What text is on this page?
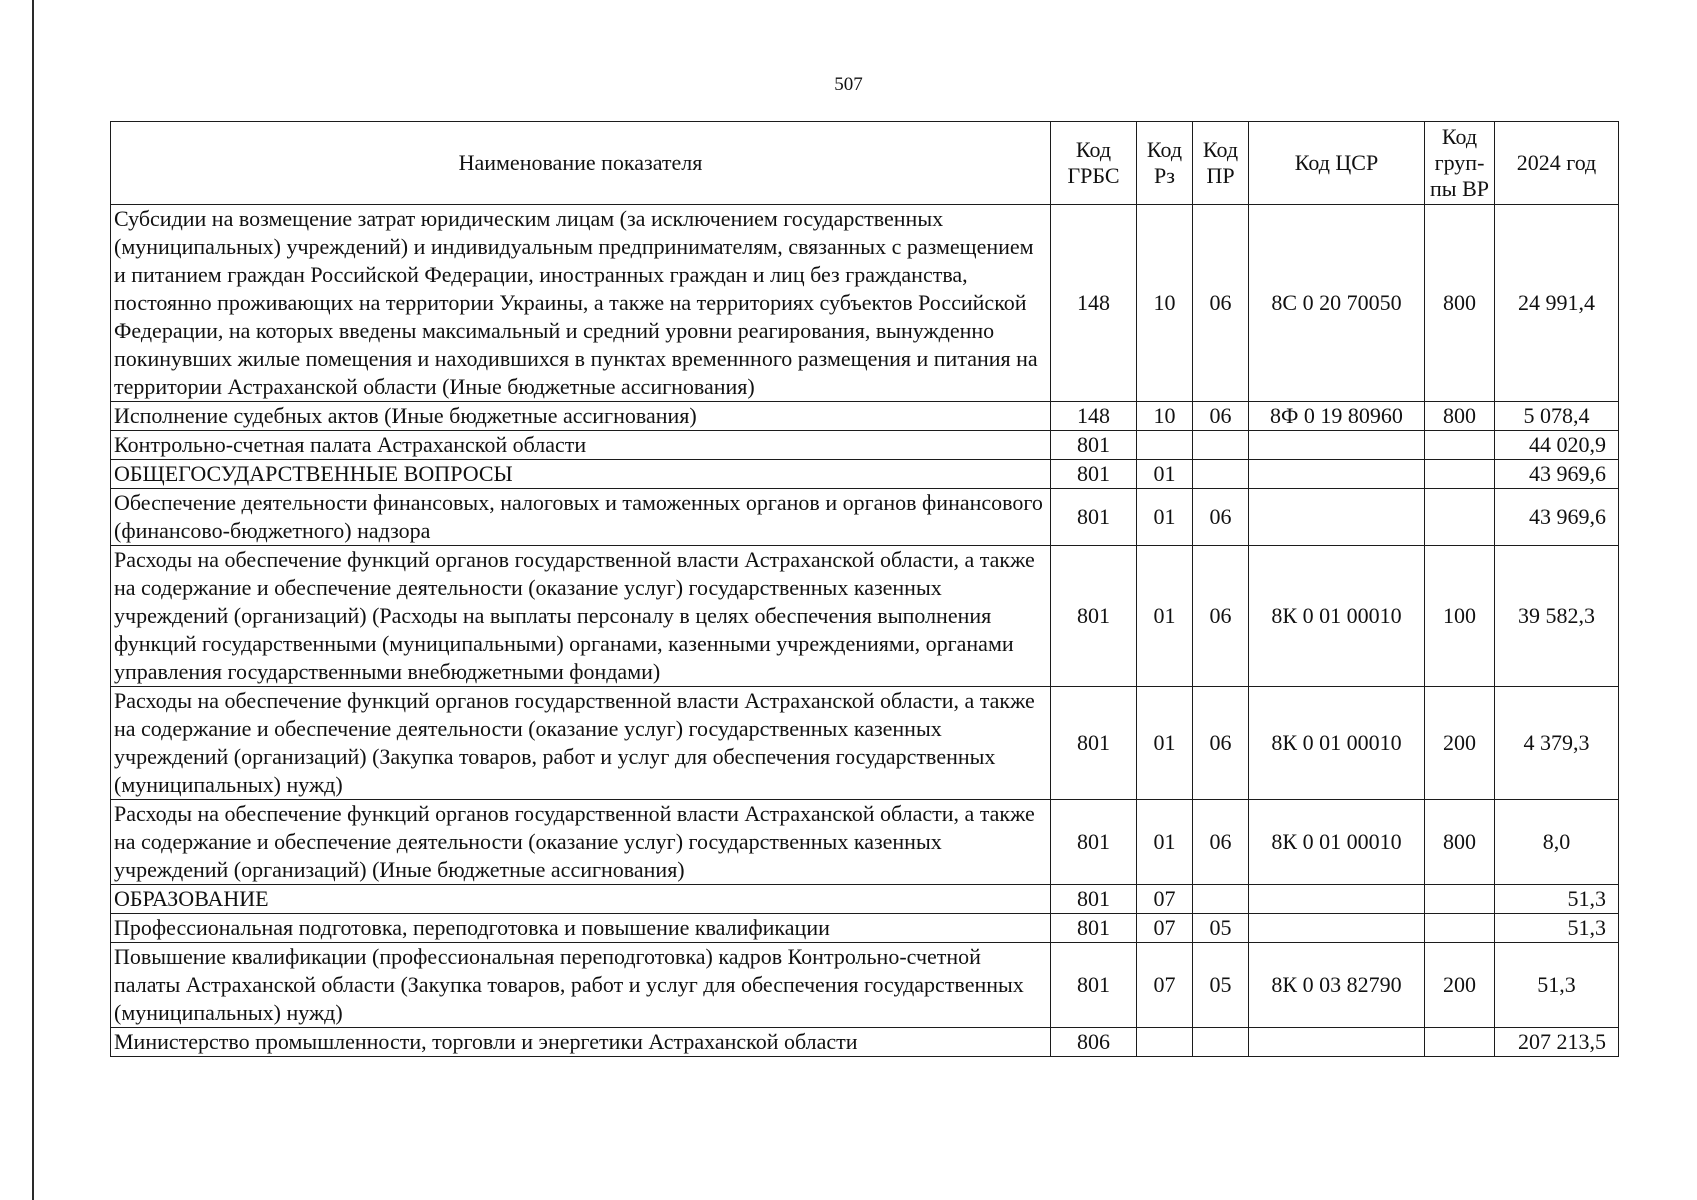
507
Наименование показателя	Код ГРБС	Код Рз	Код ПР	Код ЦСР	Код груп-пы ВР	2024 год
Субсидии на возмещение затрат юридическим лицам (за исключением государственных (муниципальных) учреждений) и индивидуальным предпринимателям, связанных с размещением и питанием граждан Российской Федерации, иностранных граждан и лиц без гражданства, постоянно проживающих на территории Украины, а также на территориях субъектов Российской Федерации, на которых введены максимальный и средний уровни реагирования, вынужденно покинувших жилые помещения и находившихся в пунктах временнного размещения и питания на территории Астраханской области (Иные бюджетные ассигнования)	148	10	06	8С 0 20 70050	800	24 991,4
Исполнение судебных актов (Иные бюджетные ассигнования)	148	10	06	8Ф 0 19 80960	800	5 078,4
Контрольно-счетная палата Астраханской области	801					44 020,9
ОБЩЕГОСУДАРСТВЕННЫЕ ВОПРОСЫ	801	01				43 969,6
Обеспечение деятельности финансовых, налоговых и таможенных органов и органов финансового (финансово-бюджетного) надзора	801	01	06			43 969,6
Расходы на обеспечение функций органов государственной власти Астраханской области, а также на содержание и обеспечение деятельности (оказание услуг) государственных казенных учреждений (организаций) (Расходы на выплаты персоналу в целях обеспечения выполнения функций государственными (муниципальными) органами, казенными учреждениями, органами управления государственными внебюджетными фондами)	801	01	06	8К 0 01 00010	100	39 582,3
Расходы на обеспечение функций органов государственной власти Астраханской области, а также на содержание и обеспечение деятельности (оказание услуг) государственных казенных учреждений (организаций) (Закупка товаров, работ и услуг для обеспечения государственных (муниципальных) нужд)	801	01	06	8К 0 01 00010	200	4 379,3
Расходы на обеспечение функций органов государственной власти Астраханской области, а также на содержание и обеспечение деятельности (оказание услуг) государственных казенных учреждений (организаций) (Иные бюджетные ассигнования)	801	01	06	8К 0 01 00010	800	8,0
ОБРАЗОВАНИЕ	801	07				51,3
Профессиональная подготовка, переподготовка и повышение квалификации	801	07	05			51,3
Повышение квалификации (профессиональная переподготовка) кадров Контрольно-счетной палаты Астраханской области (Закупка товаров, работ и услуг для обеспечения государственных (муниципальных) нужд)	801	07	05	8К 0 03 82790	200	51,3
Министерство промышленности, торговли и энергетики Астраханской области	806					207 213,5
